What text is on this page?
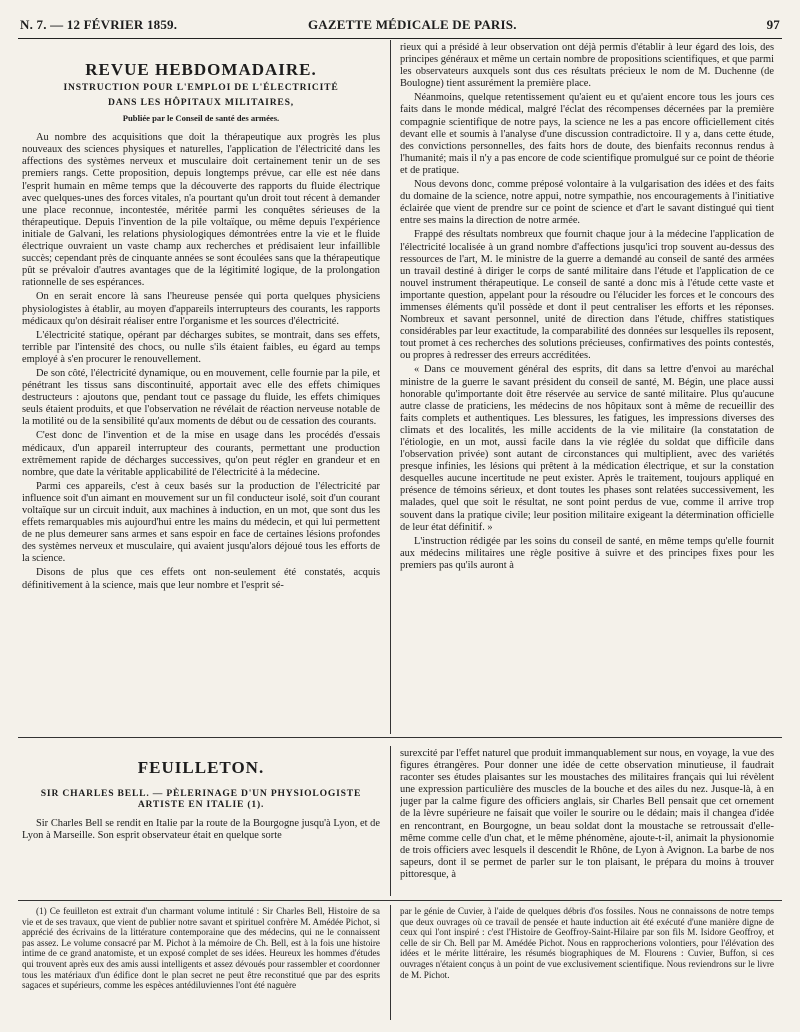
N. 7. — 12 FÉVRIER 1859.	GAZETTE MÉDICALE DE PARIS.	97
REVUE HEBDOMADAIRE.
INSTRUCTION POUR L'EMPLOI DE L'ÉLECTRICITÉ
DANS LES HÔPITAUX MILITAIRES,
Publiée par le Conseil de santé des armées.

Au nombre des acquisitions que doit la thérapeutique aux progrès les plus nouveaux des sciences physiques et naturelles, l'application de l'électricité dans les affections des systèmes nerveux et musculaire doit certainement tenir un de ses premiers rangs. Cette proposition, depuis longtemps prévue, car elle est née dans l'esprit humain en même temps que la découverte des rapports du fluide électrique avec quelques-unes des forces vitales, n'a pourtant qu'un droit tout récent à demander une place reconnue, incontestée, méritée parmi les conquêtes sérieuses de la thérapeutique. Depuis l'invention de la pile voltaïque, ou même depuis l'expérience initiale de Galvani, les relations physiologiques démontrées entre la vie et le fluide électrique ouvraient un vaste champ aux recherches et prédisaient leur infaillible succès; cependant près de cinquante années se sont écoulées sans que la thérapeutique pût se prévaloir d'autres avantages que de la légitimité logique, de la prolongation rationnelle de ses espérances.

On en serait encore là sans l'heureuse pensée qui porta quelques physiciens physiologistes à établir, au moyen d'appareils interrupteurs des courants, les rapports médicaux qu'on désirait réaliser entre l'organisme et les sources d'électricité.

L'électricité statique, opérant par décharges subites, se montrait, dans ses effets, terrible par l'intensité des chocs, ou nulle s'ils étaient faibles, eu égard au temps employé à s'en procurer le renouvellement.

De son côté, l'électricité dynamique, ou en mouvement, celle fournie par la pile, et pénétrant les tissus sans discontinuité, apportait avec elle des effets chimiques destructeurs : ajoutons que, pendant tout ce passage du fluide, les effets chimiques seuls étaient produits, et que l'observation ne révélait de réaction nerveuse notable de la motilité ou de la sensibilité qu'aux moments de début ou de cessation des courants.

C'est donc de l'invention et de la mise en usage dans les procédés d'essais médicaux, d'un appareil interrupteur des courants, permettant une production extrêmement rapide de décharges successives, qu'on peut régler en grandeur et en nombre, que date la véritable applicabilité de l'électricité à la médecine.

Parmi ces appareils, c'est à ceux basés sur la production de l'électricité par influence soit d'un aimant en mouvement sur un fil conducteur isolé, soit d'un courant voltaïque sur un circuit induit, aux machines à induction, en un mot, que sont dus les effets remarquables mis aujourd'hui entre les mains du médecin, et qui lui permettent de ne plus demeurer sans armes et sans espoir en face de certaines lésions profondes des systèmes nerveux et musculaire, qui avaient jusqu'alors déjoué tous les efforts de la science.

Disons de plus que ces effets ont non-seulement été constatés, acquis définitivement à la science, mais que leur nombre et l'esprit sé-

rieux qui a présidé à leur observation ont déjà permis d'établir à leur égard des lois, des principes généraux et même un certain nombre de propositions scientifiques, et que parmi les observateurs auxquels sont dus ces résultats précieux le nom de M. Duchenne (de Boulogne) tient assurément la première place.

Néanmoins, quelque retentissement qu'aient eu et qu'aient encore tous les jours ces faits dans le monde médical, malgré l'éclat des récompenses décernées par la première compagnie scientifique de notre pays, la science ne les a pas encore officiellement cités devant elle et soumis à l'analyse d'une discussion contradictoire. Il y a, dans cette étude, des convictions personnelles, des faits hors de doute, des bienfaits reconnus rendus à l'humanité; mais il n'y a pas encore de code scientifique promulgué sur ce point de théorie et de pratique.

Nous devons donc, comme préposé volontaire à la vulgarisation des idées et des faits du domaine de la science, notre appui, notre sympathie, nos encouragements à l'initiative éclairée que vient de prendre sur ce point de science et d'art le savant distingué qui tient entre ses mains la direction de notre armée.

Frappé des résultats nombreux que fournit chaque jour à la médecine l'application de l'électricité localisée à un grand nombre d'affections jusqu'ici trop souvent au-dessus des ressources de l'art, M. le ministre de la guerre a demandé au conseil de santé des armées un travail destiné à diriger le corps de santé militaire dans l'étude et l'application de ce nouvel instrument thérapeutique. Le conseil de santé a donc mis à l'étude cette vaste et importante question, appelant pour la résoudre ou l'élucider les forces et le concours des immenses éléments qu'il possède et dont il peut centraliser les efforts et les réponses. Nombreux et savant personnel, unité de direction dans l'étude, chiffres statistiques considérables par leur exactitude, la comparabilité des données sur lesquelles ils reposent, tout promet à ces recherches des solutions précieuses, confirmatives des points contestés, ou propres à redresser des erreurs accréditées.

« Dans ce mouvement général des esprits, dit dans sa lettre d'envoi au maréchal ministre de la guerre le savant président du conseil de santé, M. Bégin, une place aussi honorable qu'importante doit être réservée au service de santé militaire. Plus qu'aucune autre classe de praticiens, les médecins de nos hôpitaux sont à même de recueillir des faits complets et authentiques. Les blessures, les fatigues, les impressions diverses des climats et des localités, les mille accidents de la vie militaire (la constatation de l'étiologie, en un mot, aussi facile dans la vie réglée du soldat que difficile dans l'observation privée) sont autant de circonstances qui multiplient, avec des variétés presque infinies, les lésions qui prêtent à la médication électrique, et sur la constation desquelles aucune incertitude ne peut exister. Après le traitement, toujours appliqué en présence de témoins sérieux, et dont toutes les phases sont relatées successivement, les malades, quel que soit le résultat, ne sont point perdus de vue, comme il arrive trop souvent dans la pratique civile; leur position militaire exigeant la détermination officielle de leur état définitif. »

L'instruction rédigée par les soins du conseil de santé, en même temps qu'elle fournit aux médecins militaires une règle positive à suivre et des principes fixes pour les premiers pas qu'ils auront à

FEUILLETON.
SIR CHARLES BELL. — PÈLERINAGE D'UN PHYSIOLOGISTE ARTISTE EN ITALIE (1).

Sir Charles Bell se rendit en Italie par la route de la Bourgogne jusqu'à Lyon, et de Lyon à Marseille. Son esprit observateur était en quelque sorte

surexcité par l'effet naturel que produit immanquablement sur nous, en voyage, la vue des figures étrangères. Pour donner une idée de cette observation minutieuse, il faudrait raconter ses études plaisantes sur les moustaches des militaires français qui lui révèlent une expression particulière des muscles de la bouche et des ailes du nez. Jusque-là, à en juger par la calme figure des officiers anglais, sir Charles Bell pensait que cet ornement de la lèvre supérieure ne faisait que voiler le sourire ou le dédain; mais il changea d'idée en rencontrant, en Bourgogne, un beau soldat dont la moustache se retroussait d'elle-même comme celle d'un chat, et le même phénomène, ajoute-t-il, animait la physionomie de trois officiers avec lesquels il descendit le Rhône, de Lyon à Avignon. La barbe de nos sapeurs, dont il se permet de parler sur le ton plaisant, le prépara du moins à trouver pittoresque, à

(1) Ce feuilleton est extrait d'un charmant volume intitulé : Sir Charles Bell, Histoire de sa vie et de ses travaux, que vient de publier notre savant et spirituel confrère M. Amédée Pichot, si apprécié des écrivains de la littérature contemporaine que des médecins, qui ne le connaissent pas assez. Le volume consacré par M. Pichot à la mémoire de Ch. Bell, est à la fois une histoire intime de ce grand anatomiste, et un exposé complet de ses idées. Heureux les hommes d'études qui trouvent après eux des amis aussi intelligents et assez dévoués pour rassembler et coordonner tous les matériaux d'un édifice dont le plan secret ne peut être reconstitué que par des esprits sagaces et supérieurs, comme les espèces antédiluviennes l'ont été naguère

par le génie de Cuvier, à l'aide de quelques débris d'os fossiles. Nous ne connaissons de notre temps que deux ouvrages où ce travail de pensée et haute induction ait été exécuté d'une manière digne de ceux qui l'ont inspiré : c'est l'Histoire de Geoffroy-Saint-Hilaire par son fils M. Isidore Geoffroy, et celle de sir Ch. Bell par M. Amédée Pichot. Nous en rapprocherions volontiers, pour l'élévation des idées et le mérite littéraire, les résumés biographiques de M. Flourens : Cuvier, Buffon, si ces ouvrages n'étaient conçus à un point de vue exclusivement scientifique. Nous reviendrons sur le livre de M. Pichot.
